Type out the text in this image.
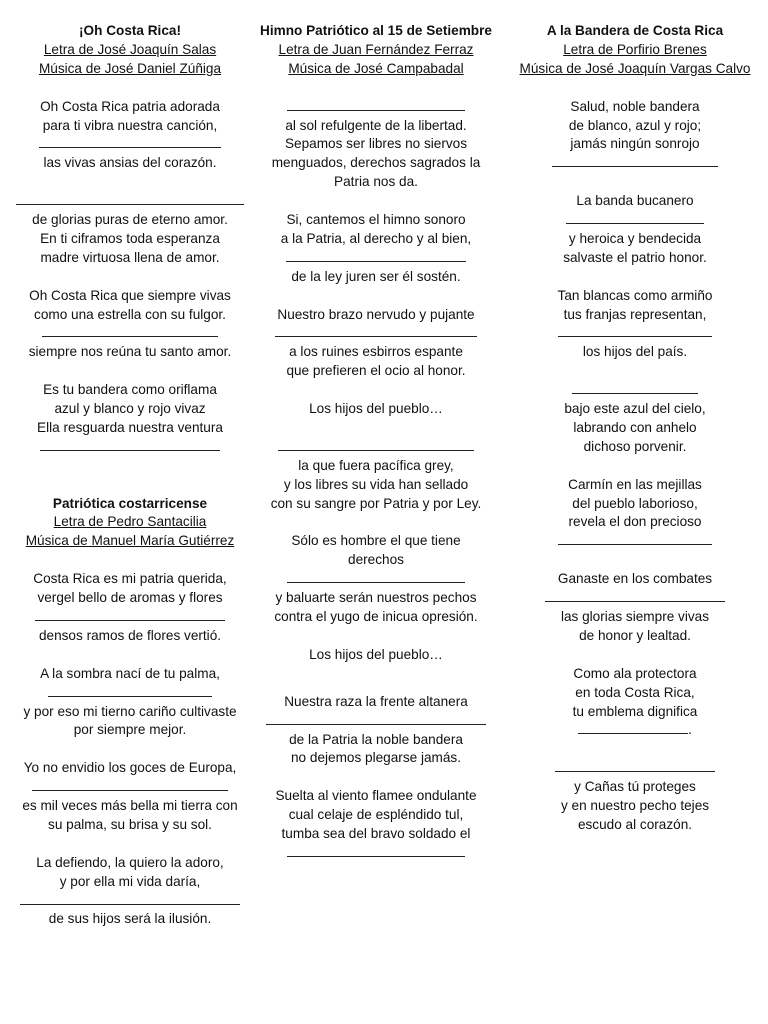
¡Oh Costa Rica!
Letra de José Joaquín Salas
Música de José Daniel Zúñiga
Oh Costa Rica patria adorada
para ti vibra nuestra canción,
las vivas ansias del corazón.
de glorias puras de eterno amor.
En ti ciframos toda esperanza
madre virtuosa llena de amor.
Oh Costa Rica que siempre vivas
como una estrella con su fulgor.
siempre nos reúna tu santo amor.
Es tu bandera como oriflama
azul y blanco y rojo vivaz
Ella resguarda nuestra ventura
Patriótica costarricense
Letra de Pedro Santacilia
Música de Manuel María Gutiérrez
Costa Rica es mi patria querida,
vergel bello de aromas y flores
densos ramos de flores vertió.
A la sombra nací de tu palma,
y por eso mi tierno cariño cultivaste
por siempre mejor.
Yo no envidio los goces de Europa,
es mil veces más bella mi tierra con
su palma, su brisa y su sol.
La defiendo, la quiero la adoro,
y por ella mi vida daría,
de sus hijos será la ilusión.
Himno Patriótico al 15 de Setiembre
Letra de Juan Fernández Ferraz
Música de José Campabadal
al sol refulgente de la libertad.
Sepamos ser libres no siervos
menguados, derechos sagrados la
Patria nos da.
Si, cantemos el himno sonoro
a la Patria, al derecho y al bien,
de la ley juren ser él sostén.
Nuestro brazo nervudo y pujante
a los ruines esbirros espante
que prefieren el ocio al honor.
Los hijos del pueblo…
la que fuera pacífica grey,
y los libres su vida han sellado
con su sangre por Patria y por Ley.
Sólo es hombre el que tiene
derechos
y baluarte serán nuestros pechos
contra el yugo de inicua opresión.
Los hijos del pueblo…
Nuestra raza la frente altanera
de la Patria la noble bandera
no dejemos plegarse jamás.
Suelta al viento flamee ondulante
cual celaje de espléndido tul,
tumba sea del bravo soldado el
A la Bandera de Costa Rica
Letra de Porfirio Brenes
Música de José Joaquín Vargas Calvo
Salud, noble bandera
de blanco, azul y rojo;
jamás ningún sonrojo
La banda bucanero
y heroica y bendecida
salvaste el patrio honor.
Tan blancas como armiño
tus franjas representan,
los hijos del país.
bajo este azul del cielo,
labrando con anhelo
dichoso porvenir.
Carmín en las mejillas
del pueblo laborioso,
revela el don precioso
Ganaste en los combates
las glorias siempre vivas
de honor y lealtad.
Como ala protectora
en toda Costa Rica,
tu emblema dignifica
.
y Cañas tú proteges
y en nuestro pecho tejes
escudo al corazón.
